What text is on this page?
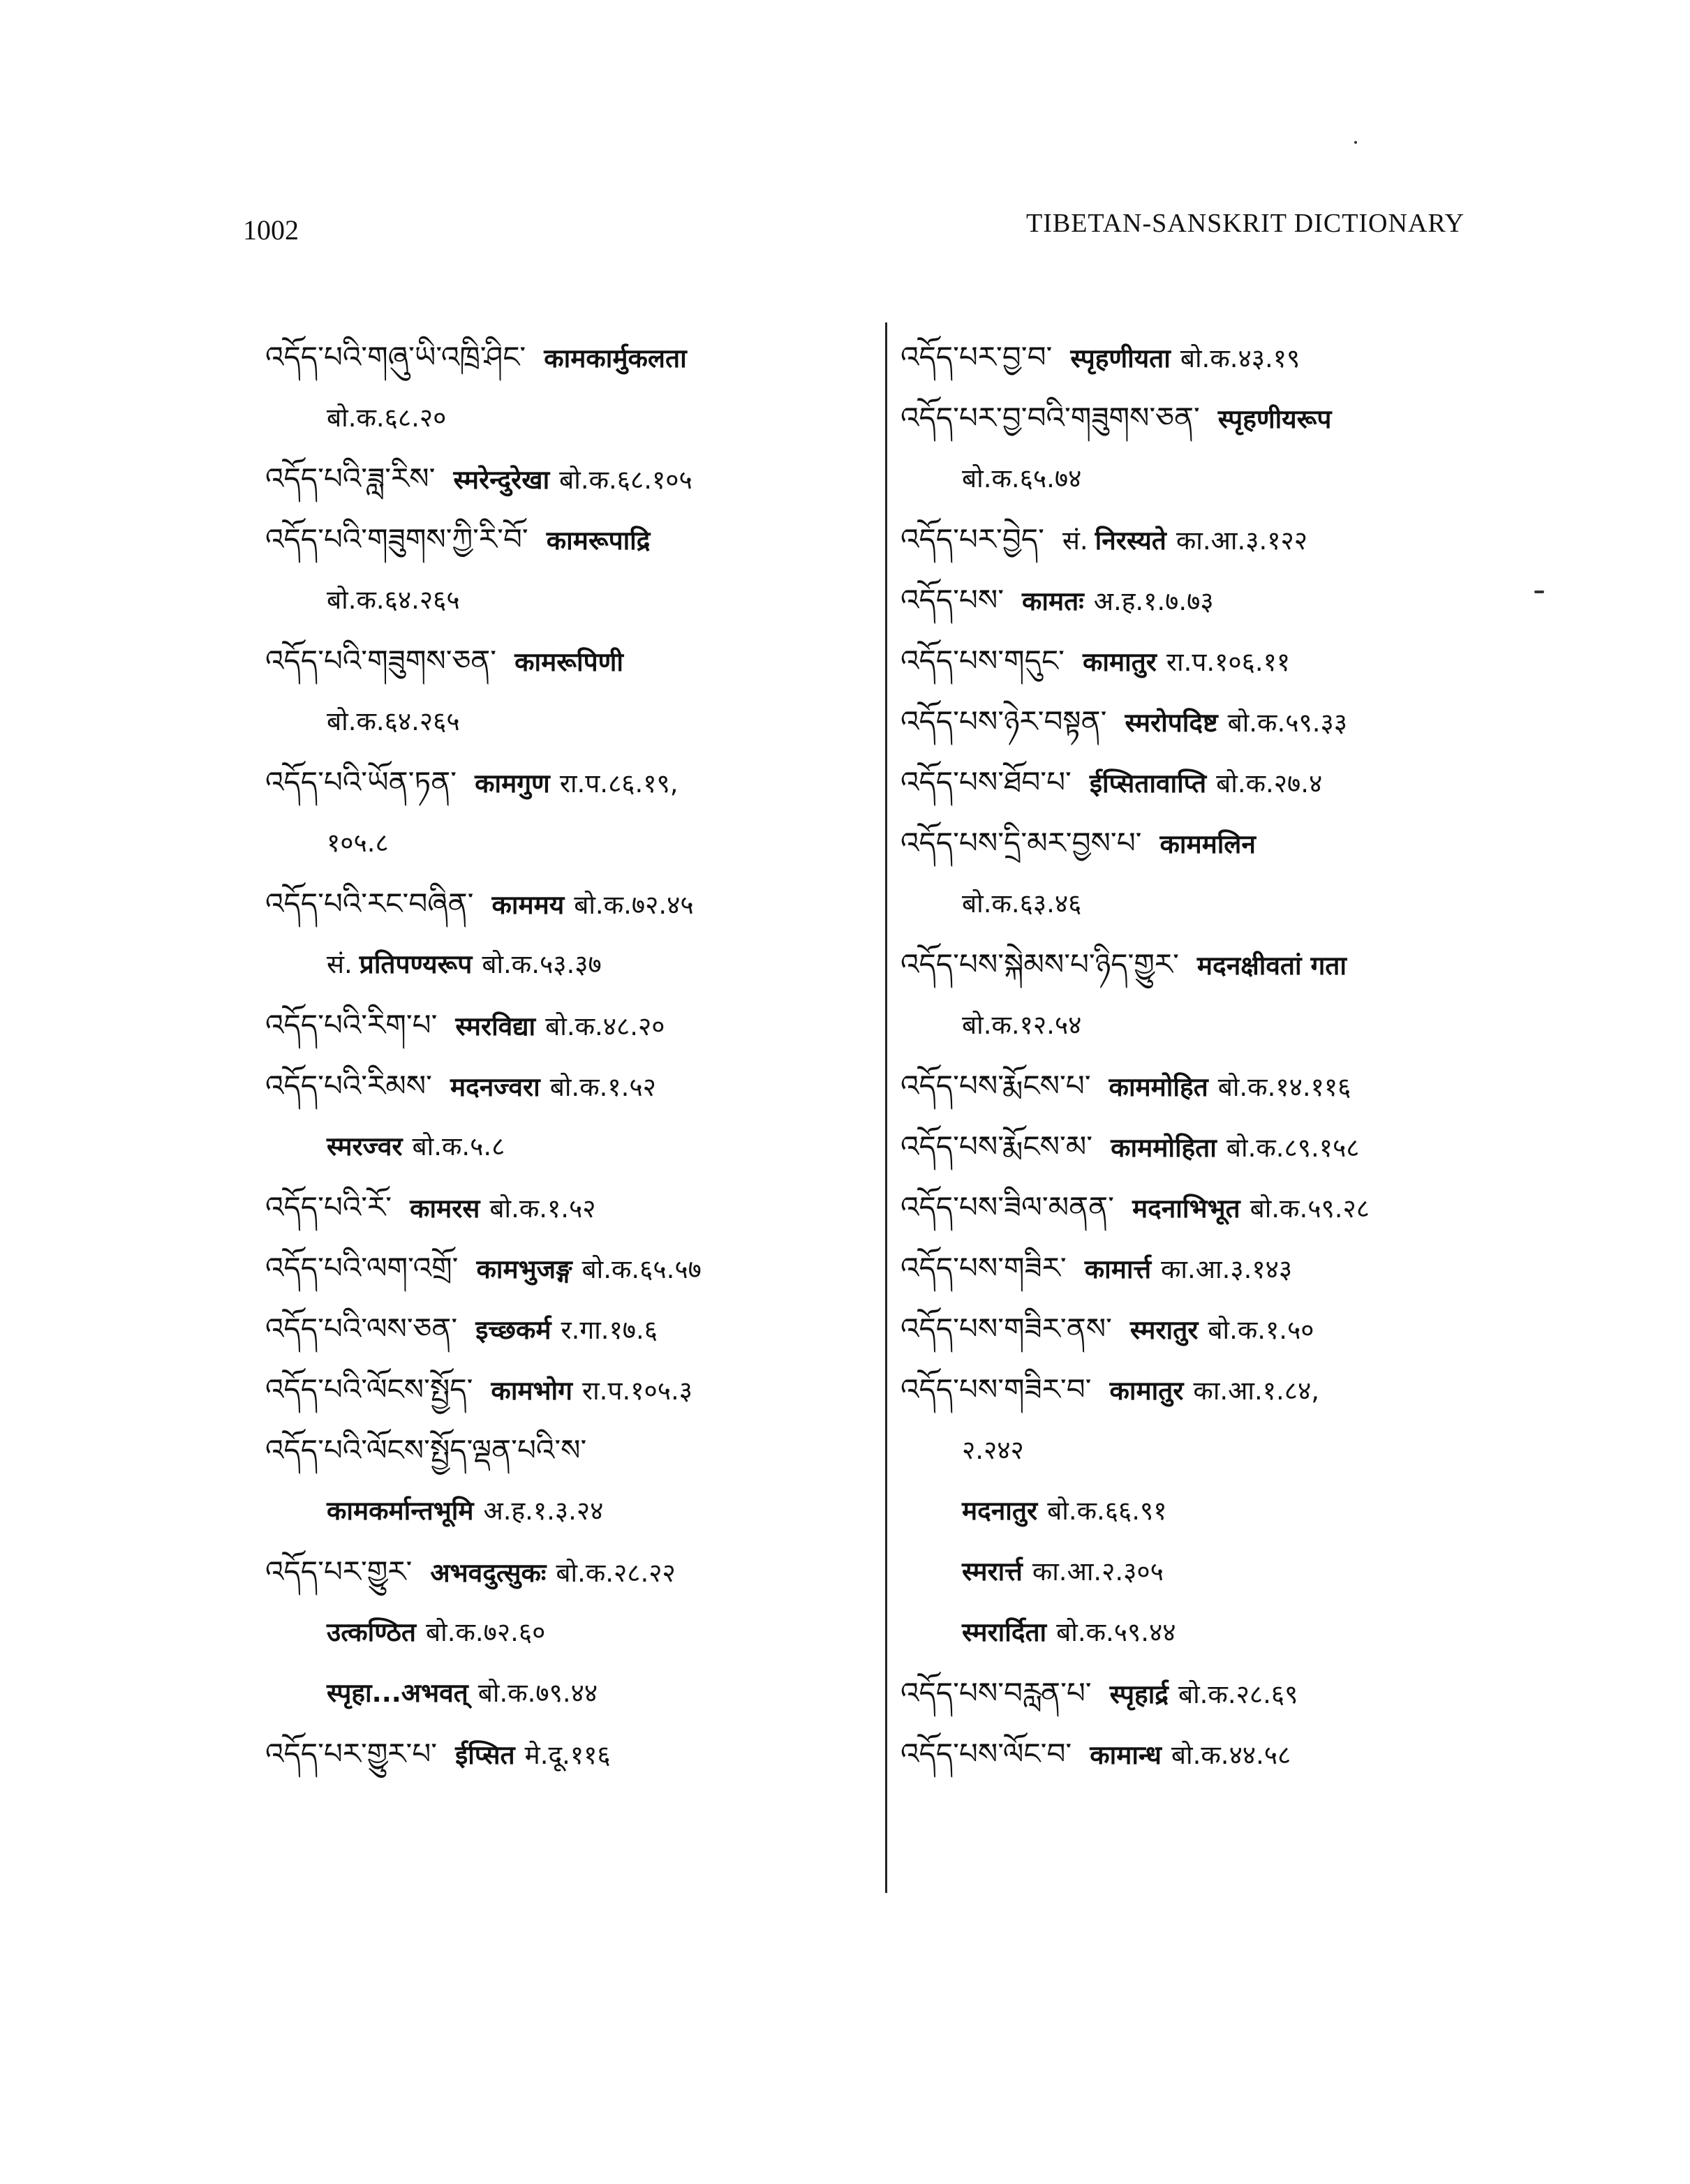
1002	TIBETAN-SANSKRIT DICTIONARY
འདོད་པའི་གཞུ་ཡི་འཁྲི་ཤིང་ कामकार्मुकलता
बो.क.६८.२०
འདོད་པའི་ཟླ་རིས་ स्मरेन्दुरेखा बो.क.६८.१०५
འདོད་པའི་གཟུགས་ཀྱི་རི་བོ་ कामरूपाद्रि
बो.क.६४.२६५
འདོད་པའི་གཟུགས་ཅན་ कामरूपिणी
बो.क.६४.२६५
འདོད་པའི་ཡོན་ཏན་ कामगुण रा.प.८६.१९,
१०५.८
འདོད་པའི་རང་བཞིན་ काममय बो.क.७२.४५
सं. प्रतिपण्यरूप बो.क.५३.३७
འདོད་པའི་རིག་པ་ स्मरविद्या बो.क.४८.२०
འདོད་པའི་རིམས་ मदनज्वरा बो.क.१.५२
स्मरज्वर बो.क.५.८
འདོད་པའི་རོ་ कामरस बो.क.१.५२
འདོད་པའི་ལག་འགྲོ་ कामभुजङ्ग बो.क.६५.५७
འདོད་པའི་ལས་ཅན་ इच्छकर्म र.गा.१७.६
འདོད་པའི་ལོངས་སྤྱོད་ कामभोग रा.प.१०५.३
འདོད་པའི་ལོངས་སྤྱོད་ལྡན་པའི་ས་
कामकर्मान्तभूमि अ.ह.१.३.२४
འདོད་པར་གྱུར་ अभवदुत्सुकः बो.क.२८.२२
उत्कण्ठित बो.क.७२.६०
स्पृहा...अभवत् बो.क.७९.४४
འདོད་པར་གྱུར་པ་ ईप्सित मे.दू.११६
འདོད་པར་བྱ་བ་ स्पृहणीयता बो.क.४३.१९
འདོད་པར་བྱ་བའི་གཟུགས་ཅན་ स्पृहणीयरूप
बो.क.६५.७४
འདོད་པར་བྱེད་ सं. निरस्यते का.आ.३.१२२
འདོད་པས་ कामतः अ.ह.१.७.७३
འདོད་པས་གདུང་ कामातुर रा.प.१०६.११
འདོད་པས་ཉེར་བསྟན་ स्मरोपदिष्ट बो.क.५९.३३
འདོད་པས་ཐོབ་པ་ ईप्सितावाप्ति बो.क.२७.४
འདོད་པས་དྲི་མར་བྱས་པ་ काममलिन
बो.क.६३.४६
འདོད་པས་སྐེམས་པ་ཉིད་གྱུར་ मदनक्षीवतां गता
बो.क.१२.५४
འདོད་པས་རྨོངས་པ་ काममोहित बो.क.१४.११६
འདོད་པས་རྨོངས་མ་ काममोहिता बो.क.८९.१५८
འདོད་པས་ཟིལ་མནན་ मदनाभिभूत बो.क.५९.२८
འདོད་པས་གཟིར་ कामार्त्त का.आ.३.१४३
འདོད་པས་གཟིར་ནས་ स्मरातुर बो.क.१.५०
འདོད་པས་གཟིར་བ་ कामातुर का.आ.१.८४,
२.२४२
मदनातुर बो.क.६६.९१
स्मरार्त्त का.आ.२.३०५
स्मरार्दिता बो.क.५९.४४
འདོད་པས་བརླན་པ་ स्पृहार्द्र बो.क.२८.६९
འདོད་པས་ལོང་བ་ कामान्ध बो.क.४४.५८
